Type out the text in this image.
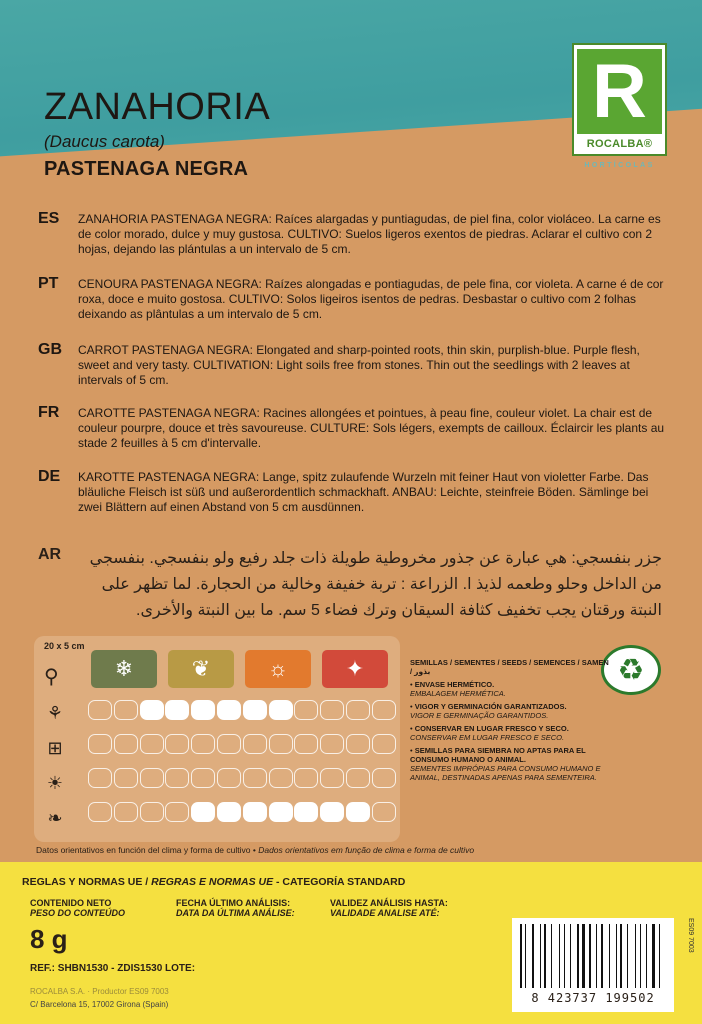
ZANAHORIA
(Daucus carota)
PASTENAGA NEGRA
R
ROCALBA®
HORTÍCOLAS
ES ZANAHORIA PASTENAGA NEGRA: Raíces alargadas y puntiagudas, de piel fina, color violáceo. La carne es de color morado, dulce y muy gustosa. CULTIVO: Suelos ligeros exentos de piedras. Aclarar el cultivo con 2 hojas, dejando las plántulas a un intervalo de 5 cm.
PT CENOURA PASTENAGA NEGRA: Raízes alongadas e pontiagudas, de pele fina, cor violeta. A carne é de cor roxa, doce e muito gostosa. CULTIVO: Solos ligeiros isentos de pedras. Desbastar o cultivo com 2 folhas deixando as plântulas a um intervalo de 5 cm.
GB CARROT PASTENAGA NEGRA: Elongated and sharp-pointed roots, thin skin, purplish-blue. Purple flesh, sweet and very tasty. CULTIVATION: Light soils free from stones. Thin out the seedlings with 2 leaves at intervals of 5 cm.
FR CAROTTE PASTENAGA NEGRA: Racines allongées et pointues, à peau fine, couleur violet. La chair est de couleur pourpre, douce et très savoureuse. CULTURE: Sols légers, exempts de cailloux. Éclaircir les plants au stade 2 feuilles à 5 cm d'intervalle.
DE KAROTTE PASTENAGA NEGRA: Lange, spitz zulaufende Wurzeln mit feiner Haut von violetter Farbe. Das bläuliche Fleisch ist süß und außerordentlich schmackhaft. ANBAU: Leichte, steinfreie Böden. Sämlinge bei zwei Blättern auf einen Abstand von 5 cm ausdünnen.
AR	جزر بنفسجي: هي عبارة عن جذور مخروطية طويلة ذات جلد رفيع ولو بنفسجي. بنفسجي من الداخل وحلو وطعمه لذيذ ا. الزراعة : تربة خفيفة وخالية من الحجارة. لما تظهر على النبتة ورقتان يجب تخفيف كثافة السيقان وترك فضاء 5 سم. ما بين النبتة والأخرى.
20 x 5 cm
❄	❦	☼	✦
⚘
⊞
☀
❧
⚲	♻
SEMILLAS / SEMENTES / SEEDS / SEMENCES / SAMEN / بذور
• ENVASE HERMÉTICO.
EMBALAGEM HERMÉTICA.
• VIGOR Y GERMINACIÓN GARANTIZADOS.
VIGOR E GERMINAÇÃO GARANTIDOS.
• CONSERVAR EN LUGAR FRESCO Y SECO.
CONSERVAR EM LUGAR FRESCO E SECO.
• SEMILLAS PARA SIEMBRA NO APTAS PARA EL CONSUMO HUMANO O ANIMAL.
SEMENTES IMPRÓPIAS PARA CONSUMO HUMANO E ANIMAL, DESTINADAS APENAS PARA SEMENTEIRA.
Datos orientativos en función del clima y forma de cultivo • Dados orientativos em função de clima e forma de cultivo
REGLAS Y NORMAS UE / REGRAS E NORMAS UE - CATEGORÍA STANDARD
CONTENIDO NETO
PESO DO CONTEÚDO
FECHA ÚLTIMO ANÁLISIS:
DATA DA ÚLTIMA ANÁLISE:
VALIDEZ ANÁLISIS HASTA:
VALIDADE ANALISE ATÉ:
8 g
REF.: SHBN1530 - ZDIS1530 LOTE:
ROCALBA S.A. · Productor ES09 7003
C/ Barcelona 15, 17002 Girona (Spain)	8 423737 199502
ES09 7003
